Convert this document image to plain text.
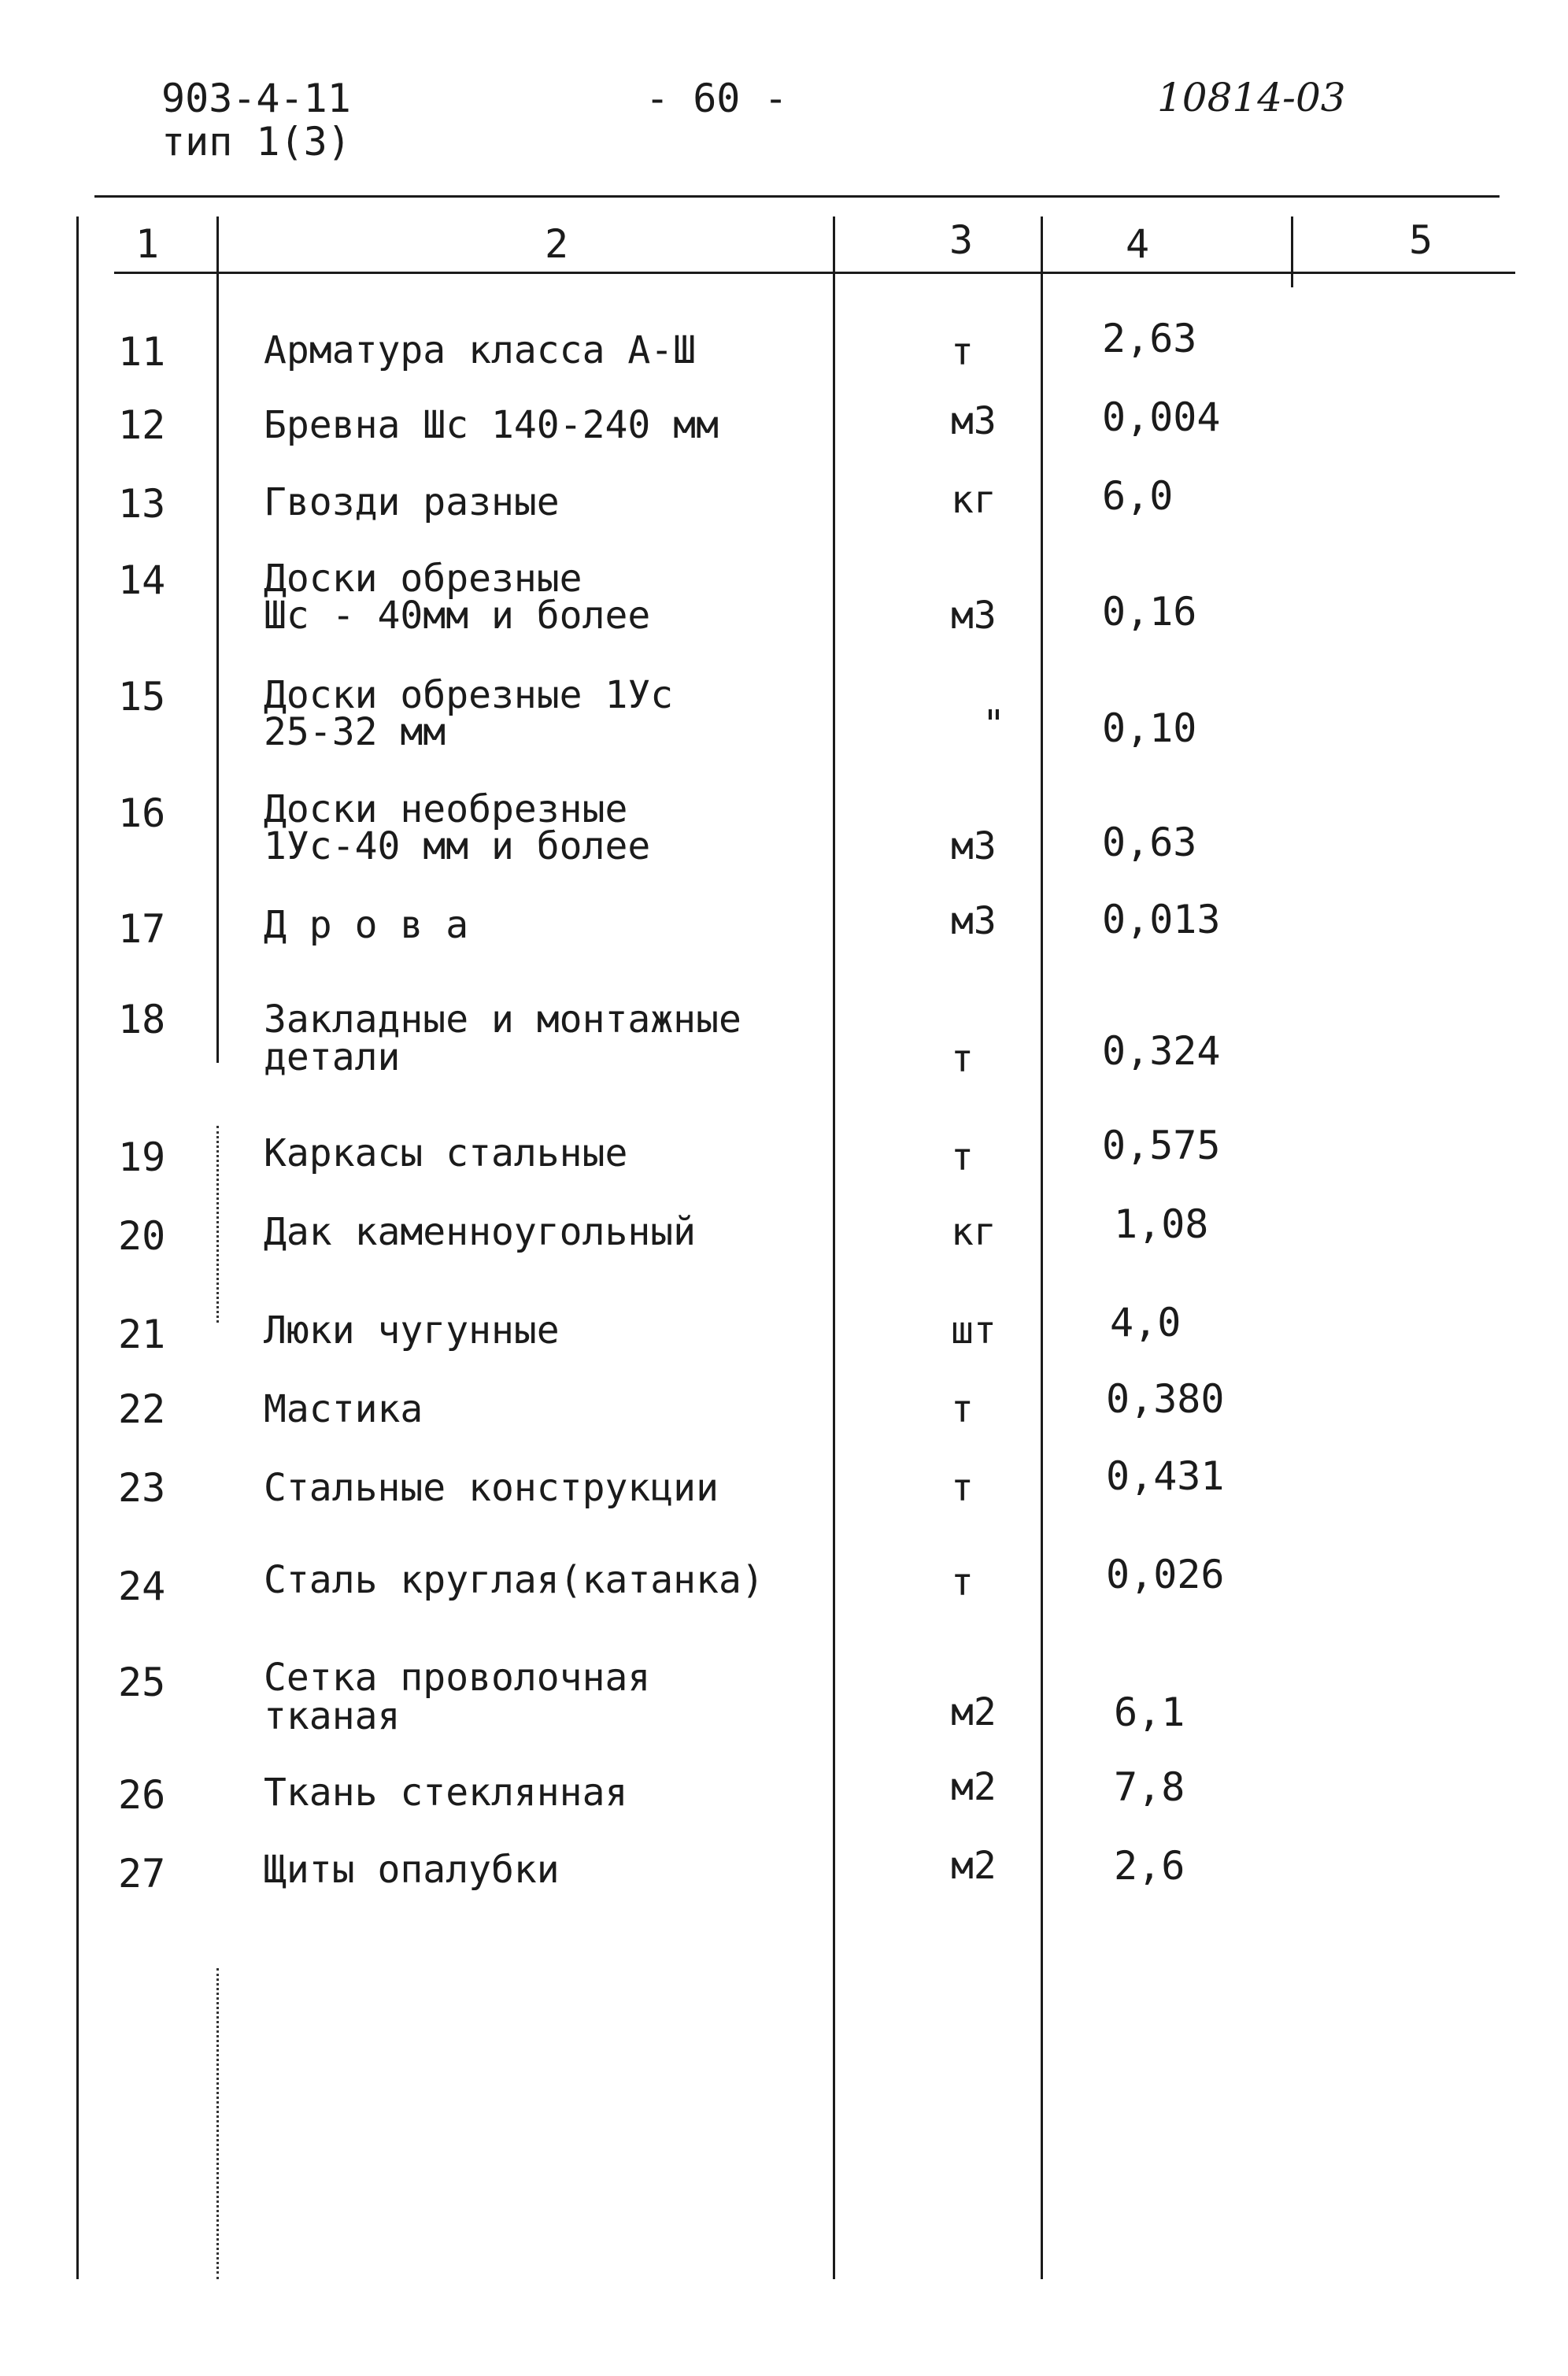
903-4-11
тип 1(3)
- 60 -	10814-03
1	2	3	4	5
11	Арматура класса А-Ш	т	2,63
12	Бревна Шс 140-240 мм	м3	0,004
13	Гвозди разные	кг	6,0
14	Доски обрезные
Шс - 40мм и более	м3	0,16
15	Доски обрезные 1Ус
25-32 мм	" 0,10
16	Доски необрезные
1Ус-40 мм и более	м3	0,63
17	Д р о в а	м3	0,013
18	Закладные и монтажные
детали	т	0,324
19	Каркасы стальные	т	0,575
20	Дак каменноугольный	кг	1,08
21	Люки чугунные	шт	4,0
22	Мастика	т	0,380
23	Стальные конструкции	т	0,431
24	Сталь круглая(катанка)	т	0,026
25	Сетка проволочная
тканая	м2	6,1
26	Ткань стеклянная	м2	7,8
27	Щиты опалубки	м2	2,6
